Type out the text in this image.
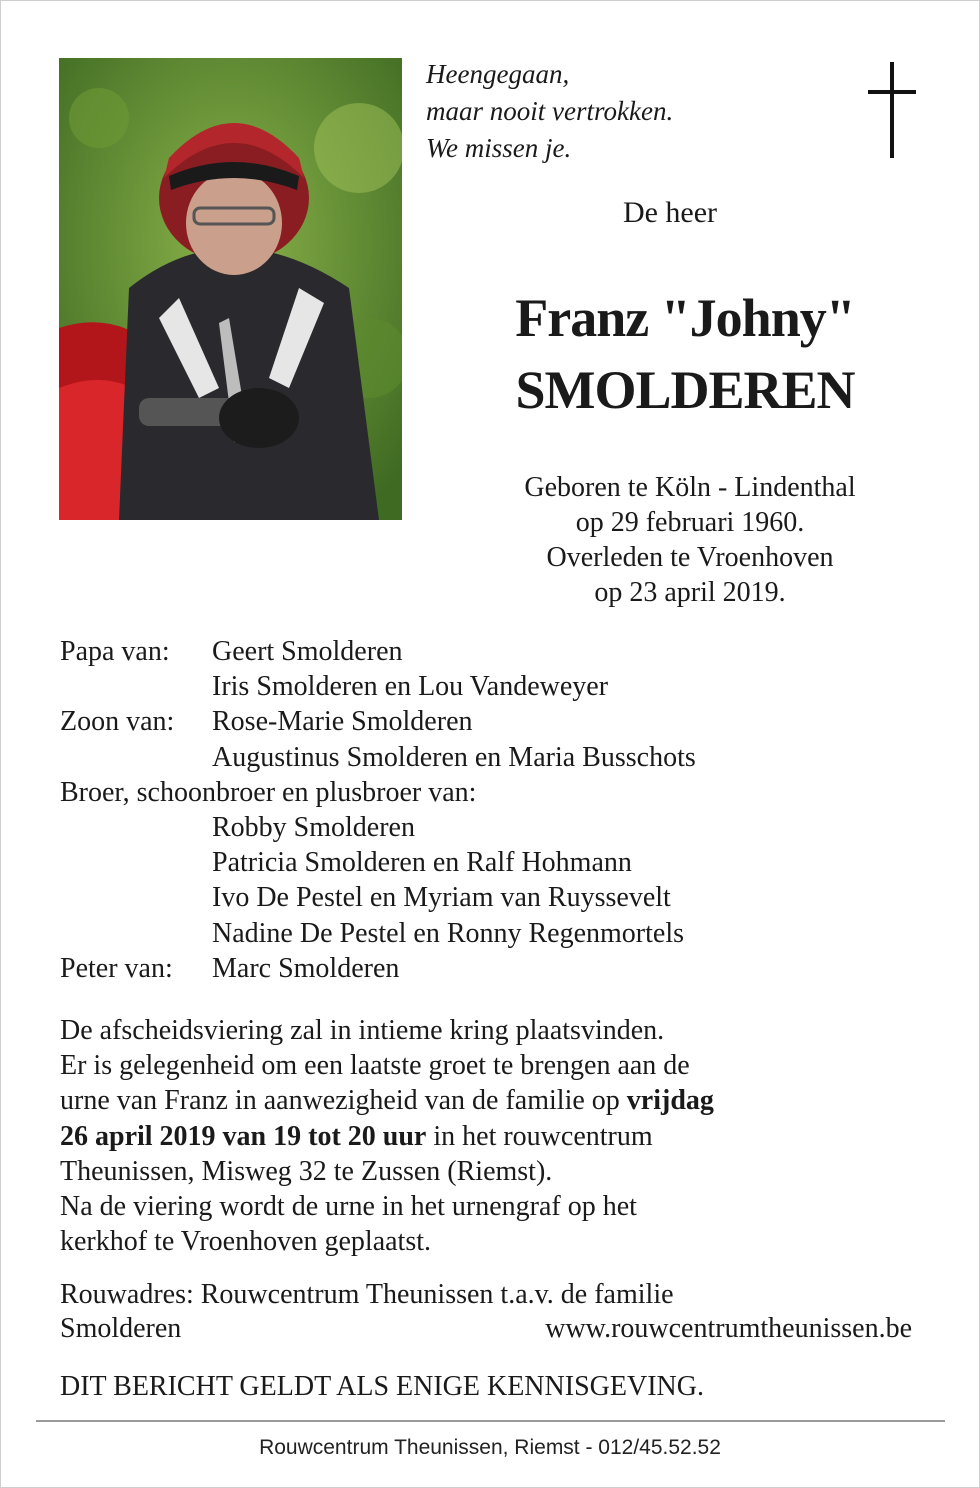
Heengegaan,
maar nooit vertrokken.
We missen je.
De heer
Franz "Johny"
SMOLDEREN
Geboren te Köln - Lindenthal
op 29 februari 1960.
Overleden te Vroenhoven
op 23 april 2019.
Papa van:	Geert Smolderen
Iris Smolderen en Lou Vandeweyer
Zoon van:	Rose-Marie Smolderen
Augustinus Smolderen en Maria Busschots
Broer, schoonbroer en plusbroer van:
Robby Smolderen
Patricia Smolderen en Ralf Hohmann
Ivo De Pestel en Myriam van Ruyssevelt
Nadine De Pestel en Ronny Regenmortels
Peter van:	Marc Smolderen
De afscheidsviering zal in intieme kring plaatsvinden.
Er is gelegenheid om een laatste groet te brengen aan de
urne van Franz in aanwezigheid van de familie op vrijdag
26 april 2019 van 19 tot 20 uur in het rouwcentrum
Theunissen, Misweg 32 te Zussen (Riemst).
Na de viering wordt de urne in het urnengraf op het
kerkhof te Vroenhoven geplaatst.
Rouwadres: Rouwcentrum Theunissen t.a.v. de familie
Smolderen	www.rouwcentrumtheunissen.be
DIT BERICHT GELDT ALS ENIGE KENNISGEVING.
Rouwcentrum Theunissen, Riemst - 012/45.52.52
